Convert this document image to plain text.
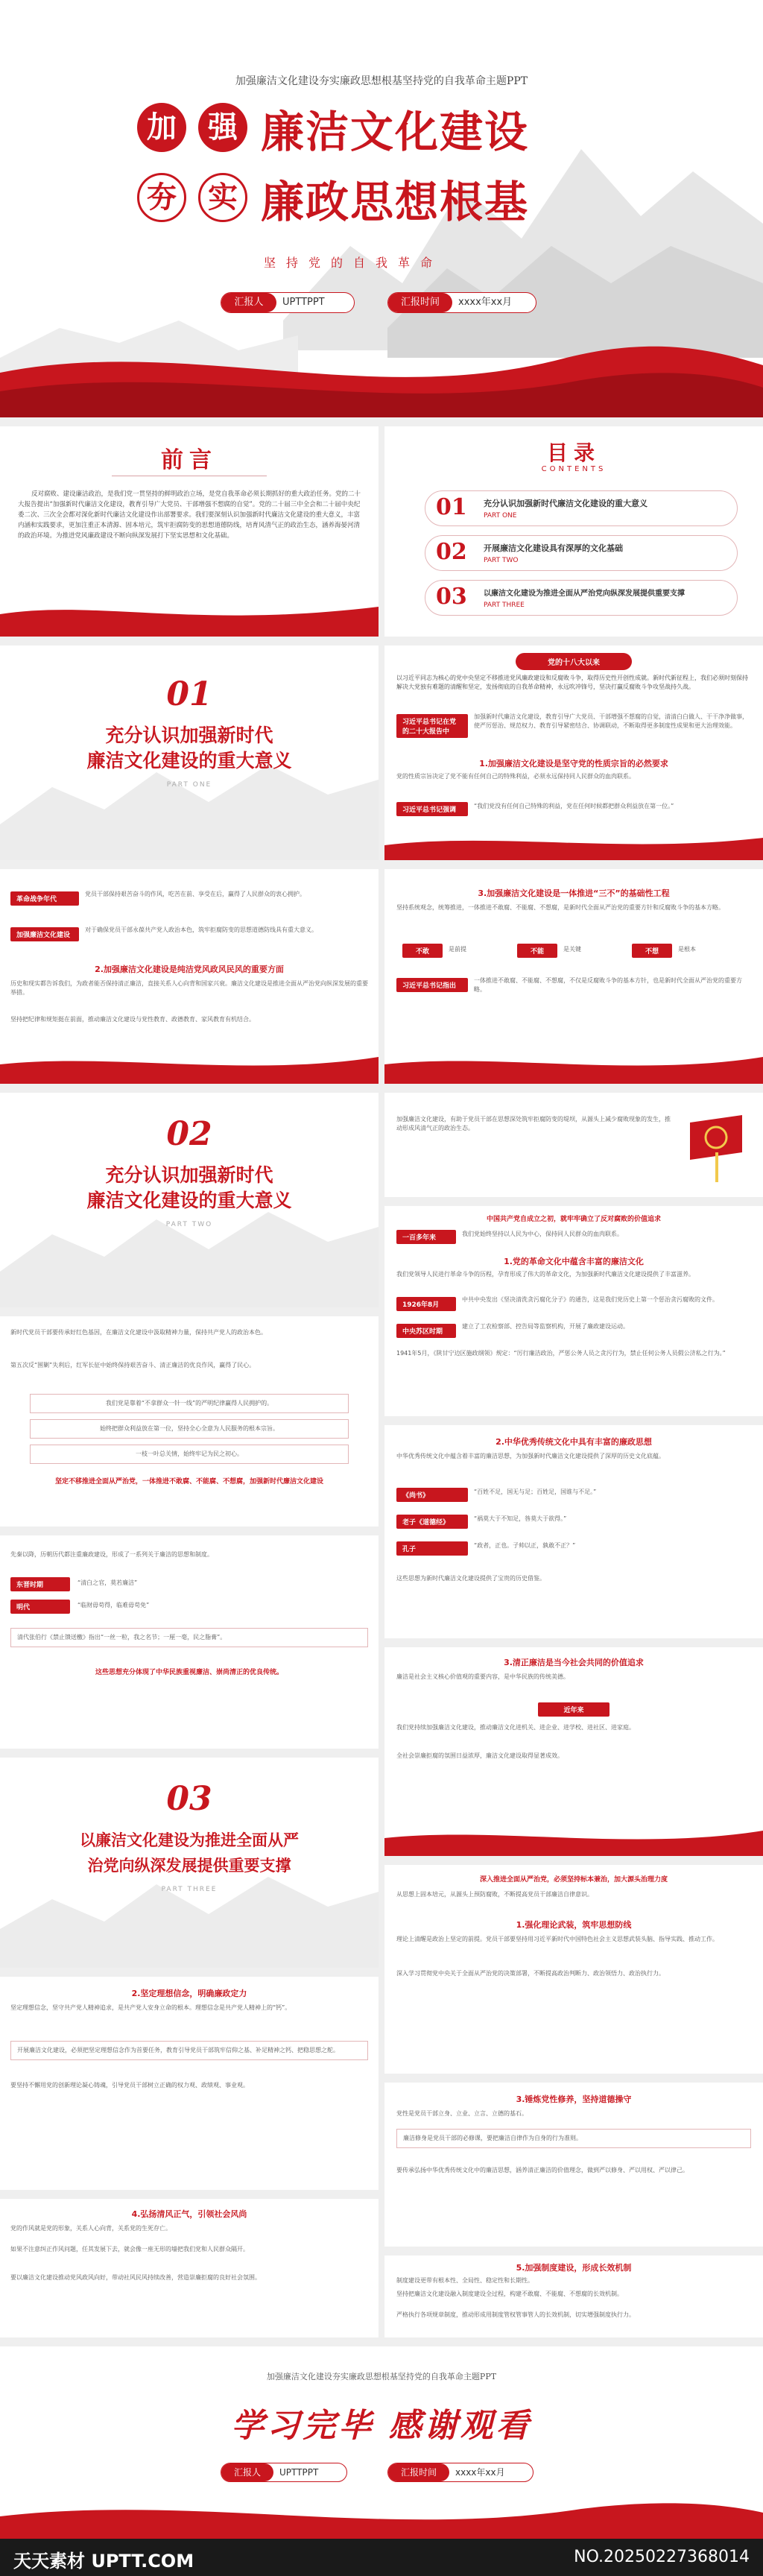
加强廉洁文化建设夯实廉政思想根基坚持党的自我革命主题PPT
加	强
夯	实
廉洁文化建设
廉政思想根基
坚持党的自我革命
汇报人	UPTTPPT	汇报时间	xxxx年xx月
前言
反对腐败、建设廉洁政治，是我们党一贯坚持的鲜明政治立场，是党自我革命必须长期抓好的重大政治任务。党的二十大报告提出“加强新时代廉洁文化建设，教育引导广大党员、干部增强不想腐的自觉”。党的二十届三中全会和二十届中央纪委二次、三次全会都对深化新时代廉洁文化建设作出部署要求。我们要深刻认识加强新时代廉洁文化建设的重大意义，丰富内涵和实践要求，更加注重正本清源、固本培元，筑牢拒腐防变的思想道德防线，培育风清气正的政治生态，涵养海晏河清的政治环境。为推进党风廉政建设不断向纵深发展打下坚实思想和文化基础。
目录
CONTENTS
01 充分认识加强新时代廉洁文化建设的重大意义
PART ONE
02 开展廉洁文化建设具有深厚的文化基础
PART TWO
03 以廉洁文化建设为推进全面从严治党向纵深发展提供重要支撑
PART THREE
01
充分认识加强新时代
廉洁文化建设的重大意义
PART ONE
党的十八大以来
以习近平同志为核心的党中央坚定不移推进党风廉政建设和反腐败斗争，取得历史性开创性成就。新时代新征程上，我们必须时刻保持解决大党独有难题的清醒和坚定，发扬彻底的自我革命精神，永远吹冲锋号，坚决打赢反腐败斗争攻坚战持久战。
习近平总书记在党的二十大报告中
加强新时代廉洁文化建设，教育引导广大党员、干部增强不想腐的自觉，清清白白做人、干干净净做事，使严厉惩治、规范权力、教育引导紧密结合、协调联动，不断取得更多制度性成果和更大治理效能。
1.加强廉洁文化建设是坚守党的性质宗旨的必然要求
党的性质宗旨决定了党不能有任何自己的特殊利益，必须永远保持同人民群众的血肉联系。
习近平总书记强调
“我们党没有任何自己特殊的利益，党在任何时候都把群众利益放在第一位。”
革命战争年代
党员干部保持艰苦奋斗的作风，吃苦在前、享受在后，赢得了人民群众的衷心拥护。
加强廉洁文化建设
对于确保党员干部永葆共产党人政治本色，筑牢拒腐防变的思想道德防线具有重大意义。
2.加强廉洁文化建设是纯洁党风政风民风的重要方面
历史和现实都告诉我们，为政者能否保持清正廉洁，直接关系人心向背和国家兴衰。廉洁文化建设是推进全面从严治党向纵深发展的重要举措。
坚持把纪律和规矩挺在前面，推动廉洁文化建设与党性教育、政德教育、家风教育有机结合。
3.加强廉洁文化建设是一体推进“三不”的基础性工程
坚持系统观念，统筹推进，一体推进不敢腐、不能腐、不想腐，是新时代全面从严治党的重要方针和反腐败斗争的基本方略。
不敢	是前提	不能	是关键	不想	是根本
习近平总书记指出
一体推进不敢腐、不能腐、不想腐，不仅是反腐败斗争的基本方针，也是新时代全面从严治党的重要方略。
加强廉洁文化建设，有助于党员干部在思想深处筑牢拒腐防变的堤坝，从源头上减少腐败现象的发生，推动形成风清气正的政治生态。
02
充分认识加强新时代
廉洁文化建设的重大意义
PART TWO
中国共产党自成立之初，就牢牢确立了反对腐败的价值追求
一百多年来
我们党始终坚持以人民为中心，保持同人民群众的血肉联系。
1.党的革命文化中蕴含丰富的廉洁文化
我们党领导人民进行革命斗争的历程，孕育形成了伟大的革命文化，为加强新时代廉洁文化建设提供了丰富滋养。
1926年8月
中共中央发出《坚决清洗贪污腐化分子》的通告，这是我们党历史上第一个惩治贪污腐败的文件。
中央苏区时期
建立了工农检察部、控告局等监察机构，开展了廉政建设运动。
1941年5月，《陕甘宁边区施政纲领》规定：“厉行廉洁政治，严惩公务人员之贪污行为，禁止任何公务人员假公济私之行为。”
新时代党员干部要传承好红色基因，在廉洁文化建设中汲取精神力量，保持共产党人的政治本色。
第五次反“围剿”失利后，红军长征中始终保持艰苦奋斗、清正廉洁的优良作风，赢得了民心。
我们党是靠着“不拿群众一针一线”的严明纪律赢得人民拥护的。
始终把群众利益放在第一位，坚持全心全意为人民服务的根本宗旨。
一枝一叶总关情，始终牢记为民之初心。
坚定不移推进全面从严治党，一体推进不敢腐、不能腐、不想腐，加强新时代廉洁文化建设
2.中华优秀传统文化中具有丰富的廉政思想
中华优秀传统文化中蕴含着丰富的廉洁思想，为加强新时代廉洁文化建设提供了深厚的历史文化底蕴。
《尚书》
“百姓不足，国无与足；百姓足，国谁与不足。”
老子《道德经》
“祸莫大于不知足，咎莫大于欲得。”
孔子
“政者，正也。子帅以正，孰敢不正？”
这些思想为新时代廉洁文化建设提供了宝贵的历史借鉴。
先秦以降，历朝历代都注重廉政建设，形成了一系列关于廉洁的思想和制度。
东晋时期	“清白之官，莫若廉洁”
明代	“临财毋苟得，临难毋苟免”
清代张伯行《禁止馈送檄》指出“一丝一粒，我之名节；一厘一毫，民之脂膏”。
这些思想充分体现了中华民族重视廉洁、崇尚清正的优良传统。
3.清正廉洁是当今社会共同的价值追求
廉洁是社会主义核心价值观的重要内容，是中华民族的传统美德。
近年来
我们党持续加强廉洁文化建设，推动廉洁文化进机关、进企业、进学校、进社区、进家庭。
全社会崇廉拒腐的氛围日益浓厚，廉洁文化建设取得显著成效。
03
以廉洁文化建设为推进全面从严
治党向纵深发展提供重要支撑
PART THREE
深入推进全面从严治党，必须坚持标本兼治，加大源头治理力度
从思想上固本培元，从源头上预防腐败，不断提高党员干部廉洁自律意识。
1.强化理论武装，筑牢思想防线
理论上清醒是政治上坚定的前提。党员干部要坚持用习近平新时代中国特色社会主义思想武装头脑、指导实践、推动工作。
深入学习贯彻党中央关于全面从严治党的决策部署，不断提高政治判断力、政治领悟力、政治执行力。
2.坚定理想信念，明确廉政定力
坚定理想信念，坚守共产党人精神追求，是共产党人安身立命的根本。理想信念是共产党人精神上的“钙”。
开展廉洁文化建设，必须把坚定理想信念作为首要任务，教育引导党员干部筑牢信仰之基、补足精神之钙、把稳思想之舵。
要坚持不懈用党的创新理论凝心铸魂，引导党员干部树立正确的权力观、政绩观、事业观。
3.锤炼党性修养，坚持道德操守
党性是党员干部立身、立业、立言、立德的基石。
廉洁修身是党员干部的必修课，要把廉洁自律作为自身的行为准则。
要传承弘扬中华优秀传统文化中的廉洁思想，涵养清正廉洁的价值理念，做到严以修身、严以用权、严以律己。
4.弘扬清风正气，引领社会风尚
党的作风就是党的形象，关系人心向背，关系党的生死存亡。
如果不注意纠正作风问题，任其发展下去，就会像一座无形的墙把我们党和人民群众隔开。
要以廉洁文化建设推动党风政风向好，带动社风民风持续改善，营造崇廉拒腐的良好社会氛围。
5.加强制度建设，形成长效机制
制度建设更带有根本性、全局性、稳定性和长期性。
坚持把廉洁文化建设融入制度建设全过程，构建不敢腐、不能腐、不想腐的长效机制。
严格执行各项规章制度，推动形成用制度管权管事管人的长效机制，切实增强制度执行力。
加强廉洁文化建设夯实廉政思想根基坚持党的自我革命主题PPT
学习完毕 感谢观看
汇报人	UPTTPPT	汇报时间	xxxx年xx月
天天素材 UPTT.COM	NO.20250227368014
